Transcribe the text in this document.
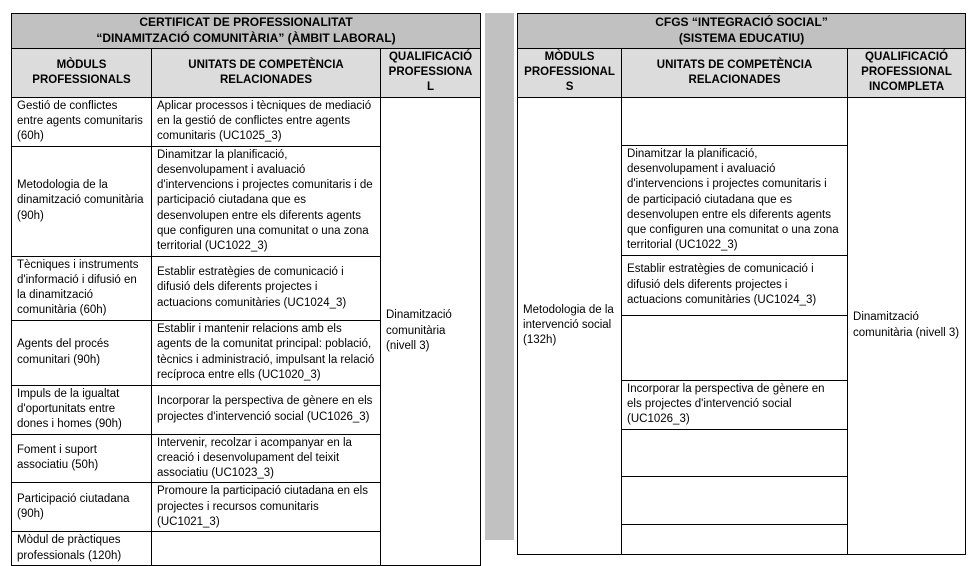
CERTIFICAT DE PROFESSIONALITAT
“DINAMITZACIÓ COMUNITÀRIA” (ÀMBIT LABORAL)		

MÒDULS PROFESSIONALS	UNITATS DE COMPETÈNCIA RELACIONADES	QUALIFICACIÓ PROFESSIONAL
Gestió de conflictes entre agents comunitaris (60h)	Aplicar processos i tècniques de mediació en la gestió de conflictes entre agents comunitaris (UC1025_3)	Dinamització comunitària (nivell 3)
Metodologia de la dinamització comunitària (90h)	Dinamitzar la planificació, desenvolupament i avaluació d'intervencions i projectes comunitaris i de participació ciutadana que es desenvolupen entre els diferents agents que configuren una comunitat o una zona territorial (UC1022_3)	
Tècniques i instruments d'informació i difusió en la dinamització comunitària (60h)	Establir estratègies de comunicació i difusió dels diferents projectes i actuacions comunitàries (UC1024_3)	
Agents del procés comunitari (90h)	Establir i mantenir relacions amb els agents de la comunitat principal: població, tècnics i administració, impulsant la relació recíproca entre ells (UC1020_3)	
Impuls de la igualtat d'oportunitats entre dones i homes (90h)	Incorporar la perspectiva de gènere en els projectes d'intervenció social (UC1026_3)	
Foment i suport associatiu (50h)	Intervenir, recolzar i acompanyar en la creació i desenvolupament del teixit associatiu (UC1023_3)	
Participació ciutadana (90h)	Promoure la participació ciutadana en els projectes i recursos comunitaris (UC1021_3)	
Mòdul de pràctiques professionals (120h)		
CFGS “INTEGRACIÓ SOCIAL”
(SISTEMA EDUCATIU)		

MÒDULS PROFESSIONALS	UNITATS DE COMPETÈNCIA RELACIONADES	QUALIFICACIÓ PROFESSIONAL INCOMPLETA
Metodologia de la intervenció social (132h)		Dinamització comunitària (nivell 3)
	Dinamitzar la planificació, desenvolupament i avaluació d'intervencions i projectes comunitaris i de participació ciutadana que es desenvolupen entre els diferents agents que configuren una comunitat o una zona territorial (UC1022_3)	
	Establir estratègies de comunicació i difusió dels diferents projectes i actuacions comunitàries (UC1024_3)	

	Incorporar la perspectiva de gènere en els projectes d'intervenció social (UC1026_3)	
